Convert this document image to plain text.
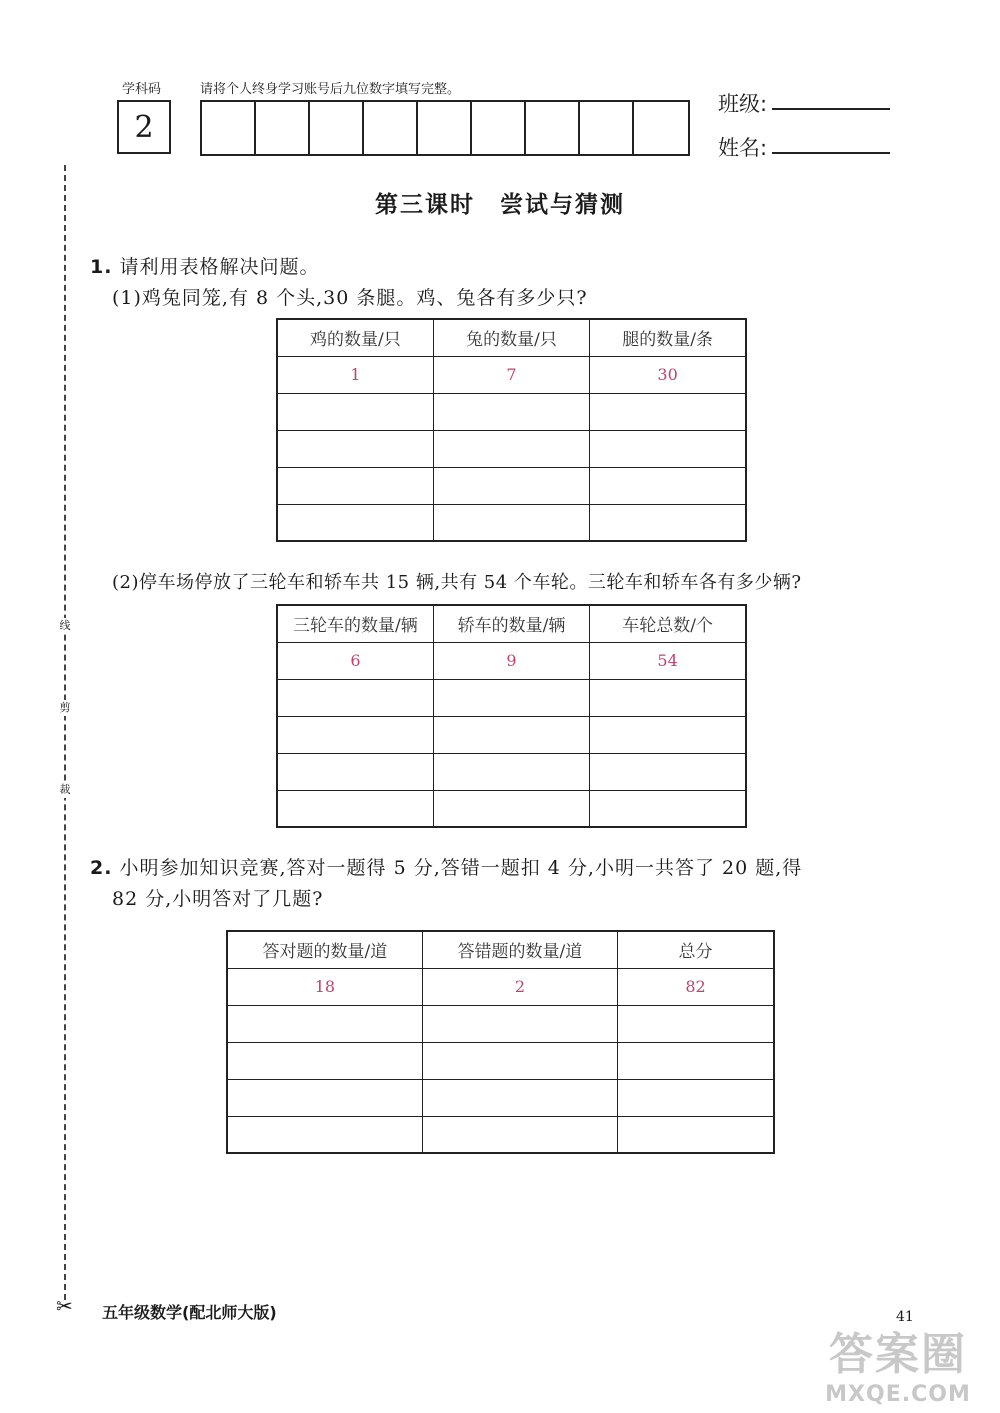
学科码	请将个人终身学习账号后九位数字填写完整。
2
班级:
姓名:
线
剪
裁
✂
第三课时　尝试与猜测
1. 请利用表格解决问题。
(1)鸡兔同笼,有 8 个头,30 条腿。鸡、兔各有多少只?
鸡的数量/只	兔的数量/只	腿的数量/条
1	7	30

(2)停车场停放了三轮车和轿车共 15 辆,共有 54 个车轮。三轮车和轿车各有多少辆?
三轮车的数量/辆	轿车的数量/辆	车轮总数/个
6	9	54

2. 小明参加知识竞赛,答对一题得 5 分,答错一题扣 4 分,小明一共答了 20 题,得
82 分,小明答对了几题?
答对题的数量/道	答错题的数量/道	总分
18	2	82

五年级数学(配北师大版)	41
答案圈
MXQE.COM
